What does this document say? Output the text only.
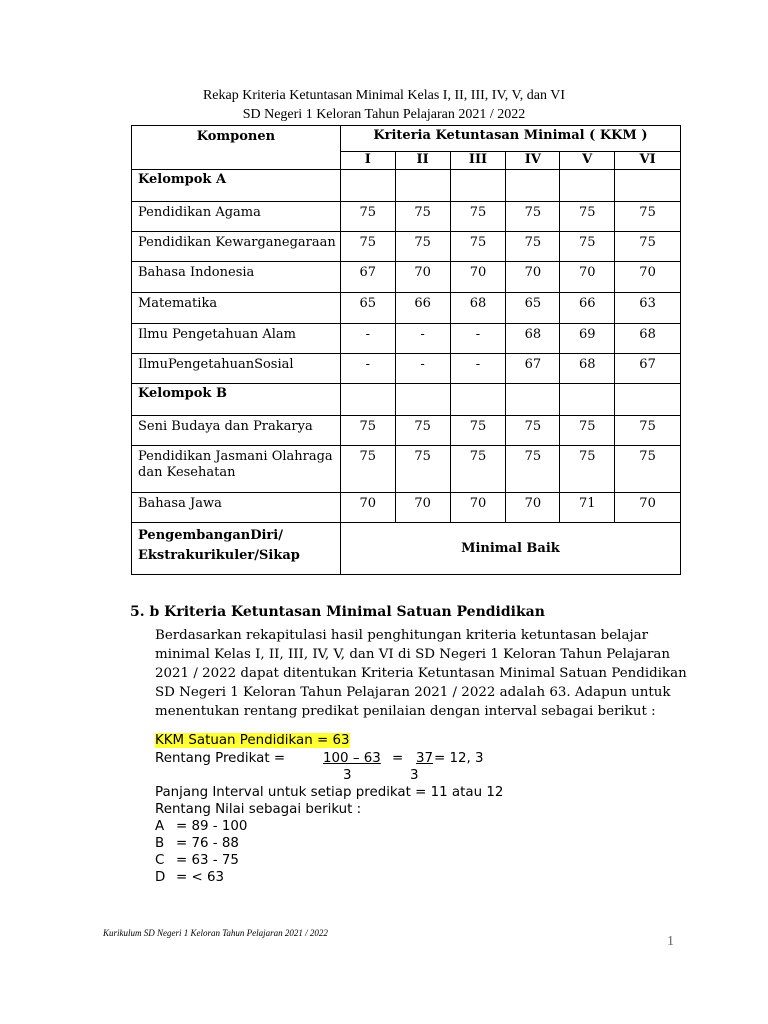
Rekap Kriteria Ketuntasan Minimal Kelas I, II, III, IV, V, dan VI
SD Negeri 1 Keloran Tahun Pelajaran 2021 / 2022
Komponen	Kriteria Ketuntasan Minimal ( KKM )					
	I	II	III	IV	V	VI
Kelompok A						
Pendidikan Agama	75	75	75	75	75	75
Pendidikan Kewarganegaraan	75	75	75	75	75	75
Bahasa Indonesia	67	70	70	70	70	70
Matematika	65	66	68	65	66	63
Ilmu Pengetahuan Alam	-	-	-	68	69	68
IlmuPengetahuanSosial	-	-	-	67	68	67
Kelompok B						
Seni Budaya dan Prakarya	75	75	75	75	75	75
Pendidikan Jasmani Olahraga dan Kesehatan	75	75	75	75	75	75
Bahasa Jawa	70	70	70	70	71	70

PengembanganDiri/
Ekstrakurikuler/Sikap	Minimal Baik					
5. b Kriteria Ketuntasan Minimal Satuan Pendidikan
Berdasarkan rekapitulasi hasil penghitungan kriteria ketuntasan belajar minimal Kelas I, II, III, IV, V, dan VI di SD Negeri 1 Keloran Tahun Pelajaran 2021 / 2022 dapat ditentukan Kriteria Ketuntasan Minimal Satuan Pendidikan SD Negeri 1 Keloran Tahun Pelajaran 2021 / 2022 adalah 63. Adapun untuk menentukan rentang predikat penilaian dengan interval sebagai berikut :
KKM Satuan Pendidikan = 63
Rentang Predikat =	100 – 63
3
= 37
3
= 12, 3
Panjang Interval untuk setiap predikat = 11 atau 12
Rentang Nilai sebagai berikut :
A = 89 - 100
B = 76 - 88
C = 63 - 75
D = < 63
Kurikulum SD Negeri 1 Keloran Tahun Pelajaran 2021 / 2022
1
